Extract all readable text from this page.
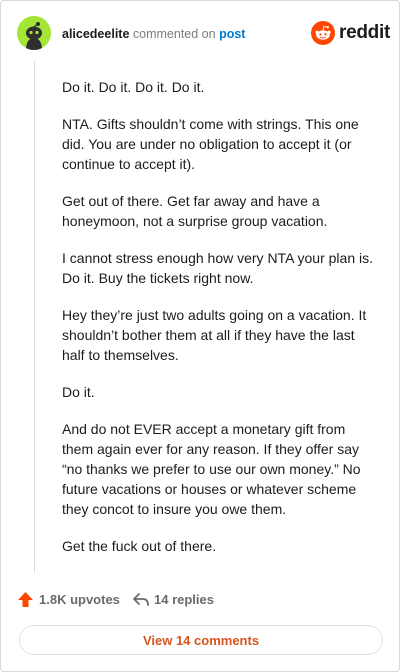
alicedeelite commented on post	reddit

Do it. Do it. Do it. Do it.

NTA. Gifts shouldn’t come with strings. This one did. You are under no obligation to accept it (or continue to accept it).

Get out of there. Get far away and have a honeymoon, not a surprise group vacation.

I cannot stress enough how very NTA your plan is. Do it. Buy the tickets right now.

Hey they’re just two adults going on a vacation. It shouldn’t bother them at all if they have the last half to themselves.

Do it.

And do not EVER accept a monetary gift from them again ever for any reason. If they offer say “no thanks we prefer to use our own money.” No future vacations or houses or whatever scheme they concot to insure you owe them.

Get the fuck out of there.

1.8K upvotes	14 replies
View 14 comments
